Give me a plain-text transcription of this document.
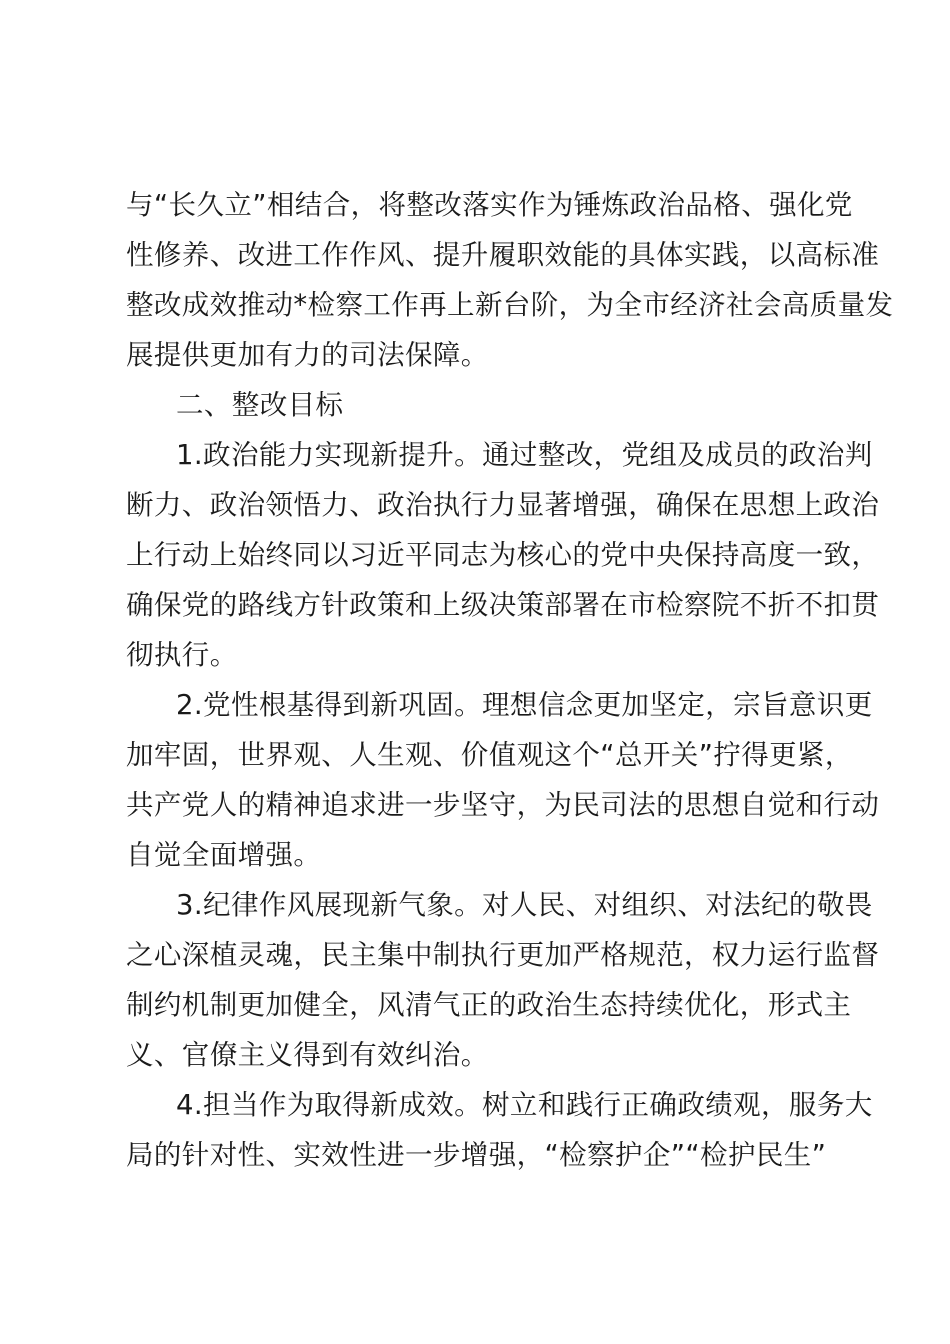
与“长久立”相结合，将整改落实作为锤炼政治品格、强化党
性修养、改进工作作风、提升履职效能的具体实践，以高标准
整改成效推动*检察工作再上新台阶，为全市经济社会高质量发
展提供更加有力的司法保障。
二、整改目标
1.政治能力实现新提升。通过整改，党组及成员的政治判
断力、政治领悟力、政治执行力显著增强，确保在思想上政治
上行动上始终同以习近平同志为核心的党中央保持高度一致，
确保党的路线方针政策和上级决策部署在市检察院不折不扣贯
彻执行。
2.党性根基得到新巩固。理想信念更加坚定，宗旨意识更
加牢固，世界观、人生观、价值观这个“总开关”拧得更紧，
共产党人的精神追求进一步坚守，为民司法的思想自觉和行动
自觉全面增强。
3.纪律作风展现新气象。对人民、对组织、对法纪的敬畏
之心深植灵魂，民主集中制执行更加严格规范，权力运行监督
制约机制更加健全，风清气正的政治生态持续优化，形式主
义、官僚主义得到有效纠治。
4.担当作为取得新成效。树立和践行正确政绩观，服务大
局的针对性、实效性进一步增强，“检察护企”“检护民生”
